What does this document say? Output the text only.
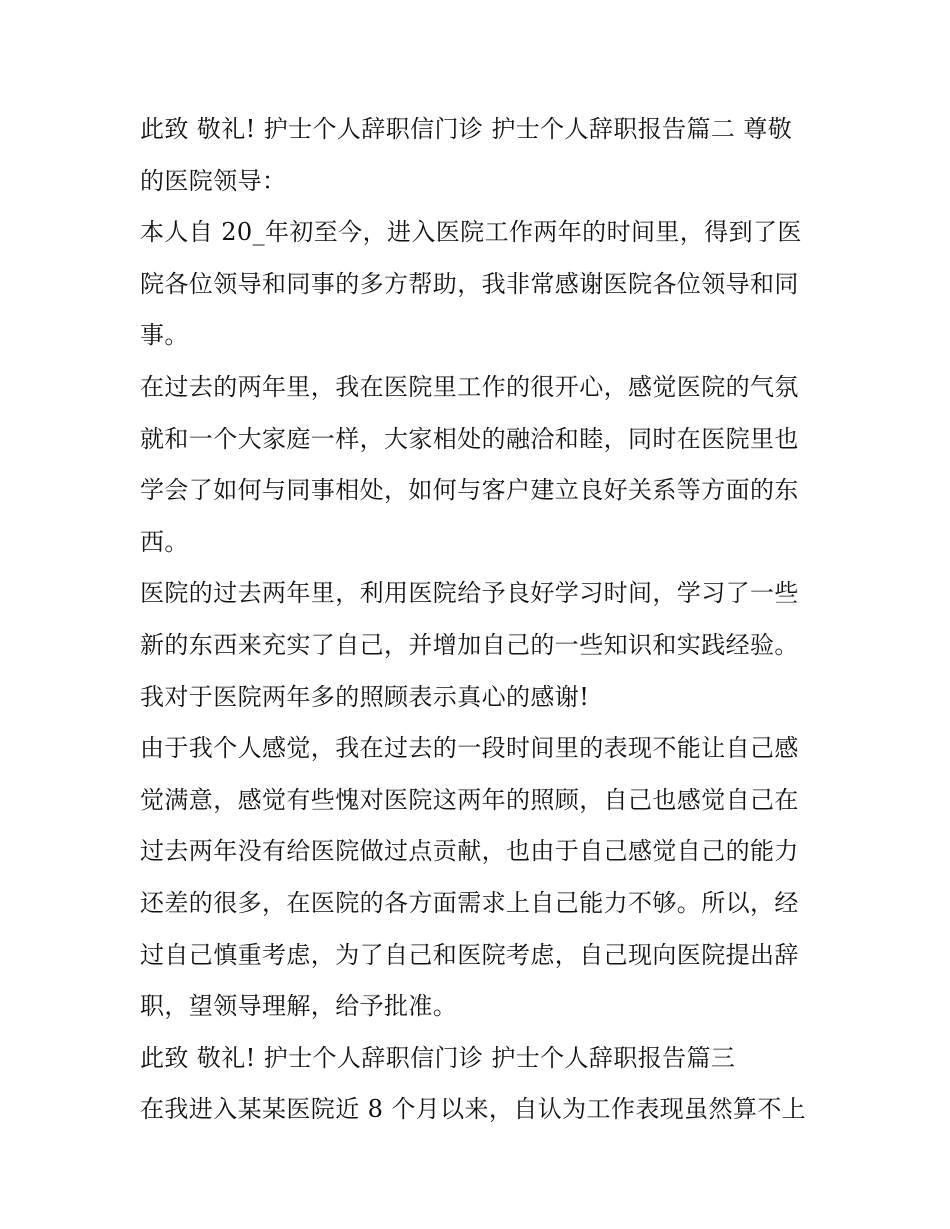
此致 敬礼! 护士个人辞职信门诊 护士个人辞职报告篇二 尊敬
的医院领导：
本人自 20_年初至今，进入医院工作两年的时间里，得到了医
院各位领导和同事的多方帮助，我非常感谢医院各位领导和同
事。
在过去的两年里，我在医院里工作的很开心，感觉医院的气氛
就和一个大家庭一样，大家相处的融洽和睦，同时在医院里也
学会了如何与同事相处，如何与客户建立良好关系等方面的东
西。
医院的过去两年里，利用医院给予良好学习时间，学习了一些
新的东西来充实了自己，并增加自己的一些知识和实践经验。
我对于医院两年多的照顾表示真心的感谢!
由于我个人感觉，我在过去的一段时间里的表现不能让自己感
觉满意，感觉有些愧对医院这两年的照顾，自己也感觉自己在
过去两年没有给医院做过点贡献，也由于自己感觉自己的能力
还差的很多，在医院的各方面需求上自己能力不够。所以，经
过自己慎重考虑，为了自己和医院考虑，自己现向医院提出辞
职，望领导理解，给予批准。
此致 敬礼! 护士个人辞职信门诊 护士个人辞职报告篇三
在我进入某某医院近 8 个月以来，自认为工作表现虽然算不上
